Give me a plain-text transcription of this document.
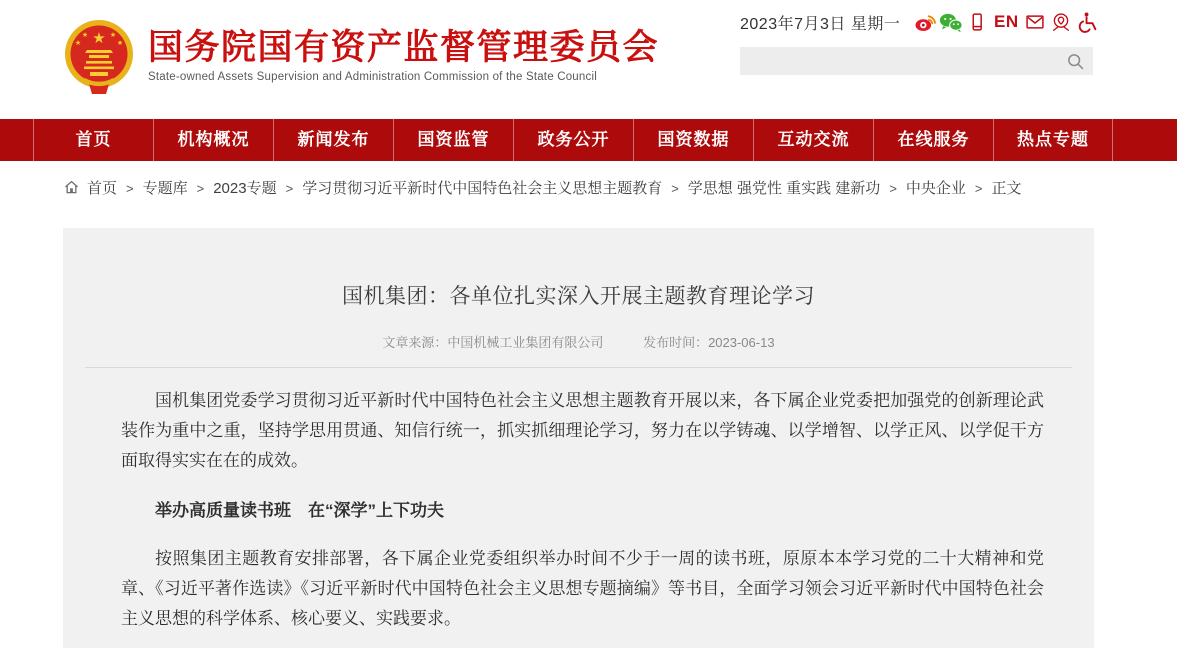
★
★	★
★	★ 国务院国有资产监督管理委员会
State-owned Assets Supervision and Administration Commission of the State Council
2023年7月3日 星期一	EN
首页	机构概况	新闻发布	国资监管	政务公开	国资数据	互动交流	在线服务	热点专题
首页 > 专题库 > 2023专题 > 学习贯彻习近平新时代中国特色社会主义思想主题教育 > 学思想 强党性 重实践 建新功 > 中央企业 > 正文
国机集团：各单位扎实深入开展主题教育理论学习
文章来源：中国机械工业集团有限公司	发布时间：2023-06-13

国机集团党委学习贯彻习近平新时代中国特色社会主义思想主题教育开展以来，各下属企业党委把加强党的创新理论武装作为重中之重，坚持学思用贯通、知信行统一，抓实抓细理论学习，努力在以学铸魂、以学增智、以学正风、以学促干方面取得实实在在的成效。

举办高质量读书班　在“深学”上下功夫

按照集团主题教育安排部署，各下属企业党委组织举办时间不少于一周的读书班，原原本本学习党的二十大精神和党章、《习近平著作选读》《习近平新时代中国特色社会主义思想专题摘编》等书目，全面学习领会习近平新时代中国特色社会主义思想的科学体系、核心要义、实践要求。
